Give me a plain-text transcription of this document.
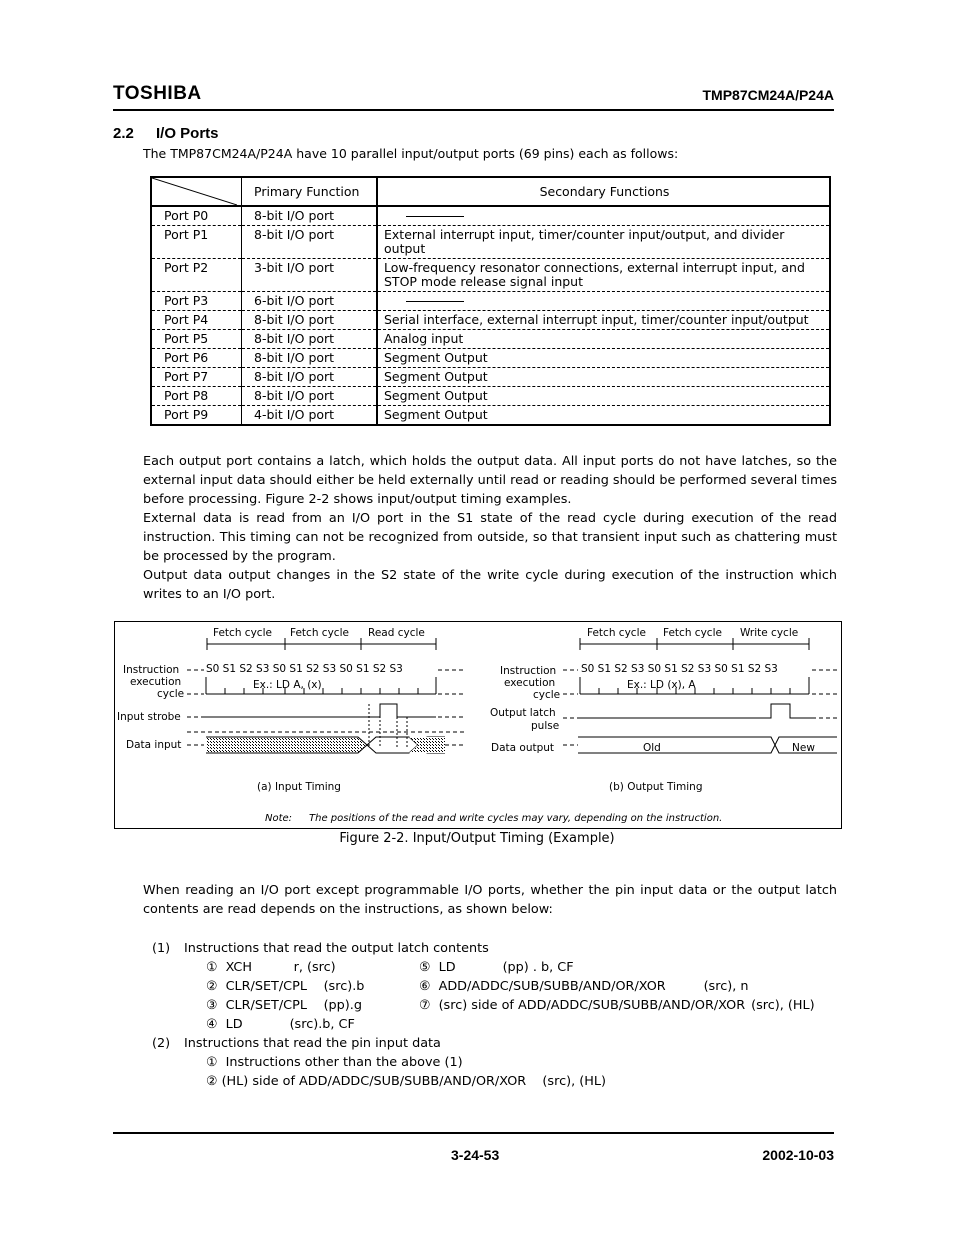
TOSHIBA	TMP87CM24A/P24A
2.2 I/O Ports
The TMP87CM24A/P24A have 10 parallel input/output ports (69 pins) each as follows:
	Primary Function	Secondary Functions
Port P0	8-bit I/O port	
Port P1	8-bit I/O port	External interrupt input, timer/counter input/output, and divider output
Port P2	3-bit I/O port	Low-frequency resonator connections, external interrupt input, and STOP mode release signal input
Port P3	6-bit I/O port	
Port P4	8-bit I/O port	Serial interface, external interrupt input, timer/counter input/output
Port P5	8-bit I/O port	Analog input
Port P6	8-bit I/O port	Segment Output
Port P7	8-bit I/O port	Segment Output
Port P8	8-bit I/O port	Segment Output
Port P9	4-bit I/O port	Segment Output
Each output port contains a latch, which holds the output data. All input ports do not have latches, so the external input data should either be held externally until read or reading should be performed several times before processing. Figure 2-2 shows input/output timing examples.
External data is read from an I/O port in the S1 state of the read cycle during execution of the read instruction. This timing can not be recognized from outside, so that transient input such as chattering must be processed by the program.
Output data output changes in the S2 state of the write cycle during execution of the instruction which writes to an I/O port.
Fetch cycle Fetch cycle Read cycle
S0 S1 S2 S3 S0 S1 S2 S3 S0 S1 S2 S3
Instruction
execution
cycle
Input strobe
Data input
Ex.: LD A, (x)
(a) Input Timing
Fetch cycle Fetch cycle Write cycle
S0 S1 S2 S3 S0 S1 S2 S3 S0 S1 S2 S3
Instruction
execution
cycle
Output latch
pulse
Data output
Ex.: LD (x), A
Old	New
(b) Output Timing
Note: The positions of the read and write cycles may vary, depending on the instruction.
Figure 2-2. Input/Output Timing (Example)
When reading an I/O port except programmable I/O ports, whether the pin input data or the output latch contents are read depends on the instructions, as shown below:
(1) Instructions that read the output latch contents
① XCH	r, (src)
② CLR/SET/CPL (src).b
③ CLR/SET/CPL (pp).g
④ LD	(src).b, CF
⑤ LD	(pp) . b, CF
⑥ ADD/ADDC/SUB/SUBB/AND/OR/XOR	(src), n
⑦ (src) side of ADD/ADDC/SUB/SUBB/AND/OR/XOR (src), (HL)
(2) Instructions that read the pin input data
① Instructions other than the above (1)
② (HL) side of ADD/ADDC/SUB/SUBB/AND/OR/XOR    (src), (HL)
3-24-53	2002-10-03
